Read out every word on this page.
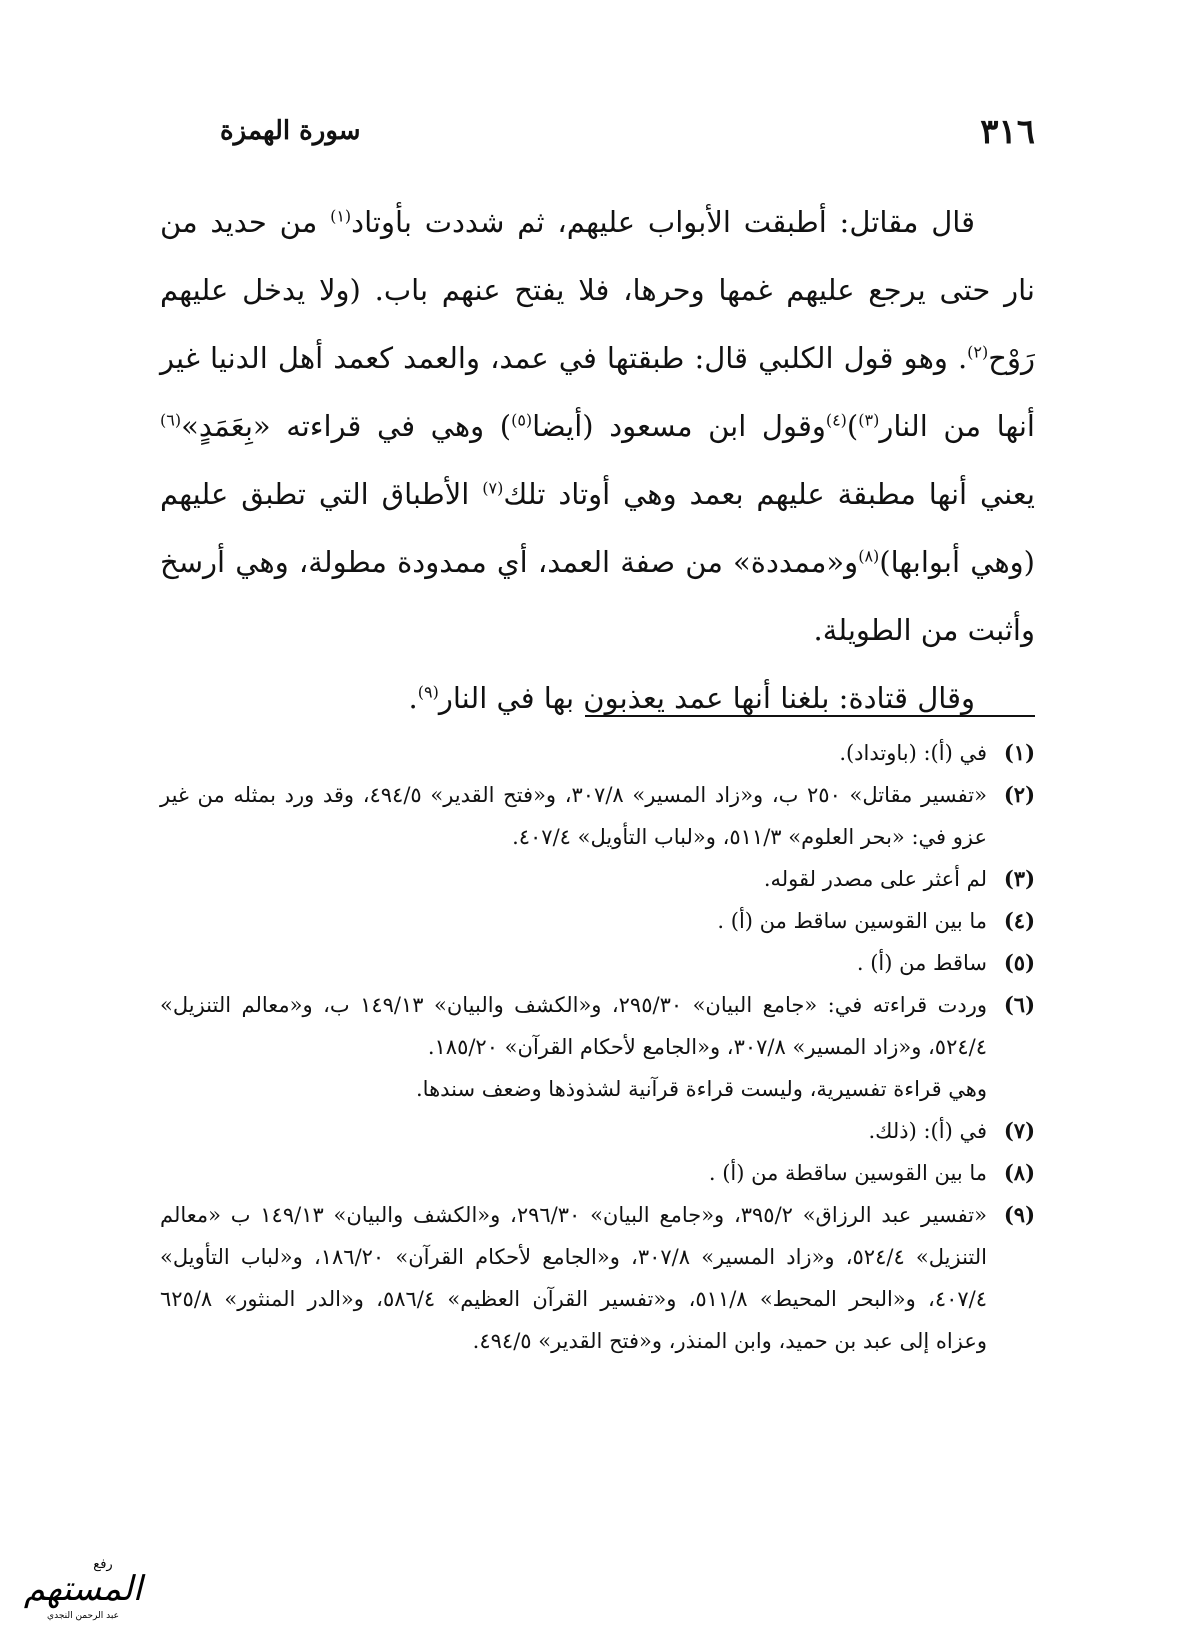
٣١٦
سورة الهمزة

قال مقاتل: أطبقت الأبواب عليهم، ثم شددت بأوتاد$^{(١)}$ من حديد من نار حتى يرجع عليهم غمها وحرها، فلا يفتح عنهم باب. (ولا يدخل عليهم رَوْح$^{(٢)}$. وهو قول الكلبي قال: طبقتها في عمد، والعمد كعمد أهل الدنيا غير أنها من النار$^{(٣)}$)$^{(٤)}$وقول ابن مسعود (أيضا$^{(٥)}$) وهي في قراءته «بِعَمَدٍ»$^{(٦)}$ يعني أنها مطبقة عليهم بعمد وهي أوتاد تلك$^{(٧)}$ الأطباق التي تطبق عليهم (وهي أبوابها)$^{(٨)}$و«ممددة» من صفة العمد، أي ممدودة مطولة، وهي أرسخ وأثبت من الطويلة.

وقال قتادة: بلغنا أنها عمد يعذبون بها في النار$^{(٩)}$.

(١)
في (أ): (باوتداد).
(٢)
«تفسير مقاتل» ٢٥٠ ب، و«زاد المسير» ٣٠٧/٨، و«فتح القدير» ٤٩٤/٥، وقد ورد بمثله من غير عزو في: «بحر العلوم» ٥١١/٣، و«لباب التأويل» ٤٠٧/٤.
(٣)
لم أعثر على مصدر لقوله.
(٤)
ما بين القوسين ساقط من (أ) .
(٥)
ساقط من (أ) .
(٦)
وردت قراءته في: «جامع البيان» ٢٩٥/٣٠، و«الكشف والبيان» ١٤٩/١٣ ب، و«معالم التنزيل» ٥٢٤/٤، و«زاد المسير» ٣٠٧/٨، و«الجامع لأحكام القرآن» ١٨٥/٢٠.
وهي قراءة تفسيرية، وليست قراءة قرآنية لشذوذها وضعف سندها.
(٧)
في (أ): (ذلك.
(٨)
ما بين القوسين ساقطة من (أ) .
(٩)
«تفسير عبد الرزاق» ٣٩٥/٢، و«جامع البيان» ٢٩٦/٣٠، و«الكشف والبيان» ١٤٩/١٣ ب «معالم التنزيل» ٥٢٤/٤، و«زاد المسير» ٣٠٧/٨، و«الجامع لأحكام القرآن» ١٨٦/٢٠، و«لباب التأويل» ٤٠٧/٤، و«البحر المحيط» ٥١١/٨، و«تفسير القرآن العظيم» ٥٨٦/٤، و«الدر المنثور» ٦٢٥/٨ وعزاه إلى عبد بن حميد، وابن المنذر، و«فتح القدير» ٤٩٤/٥.
رفع
المستهم
عبد الرحمن النجدي
